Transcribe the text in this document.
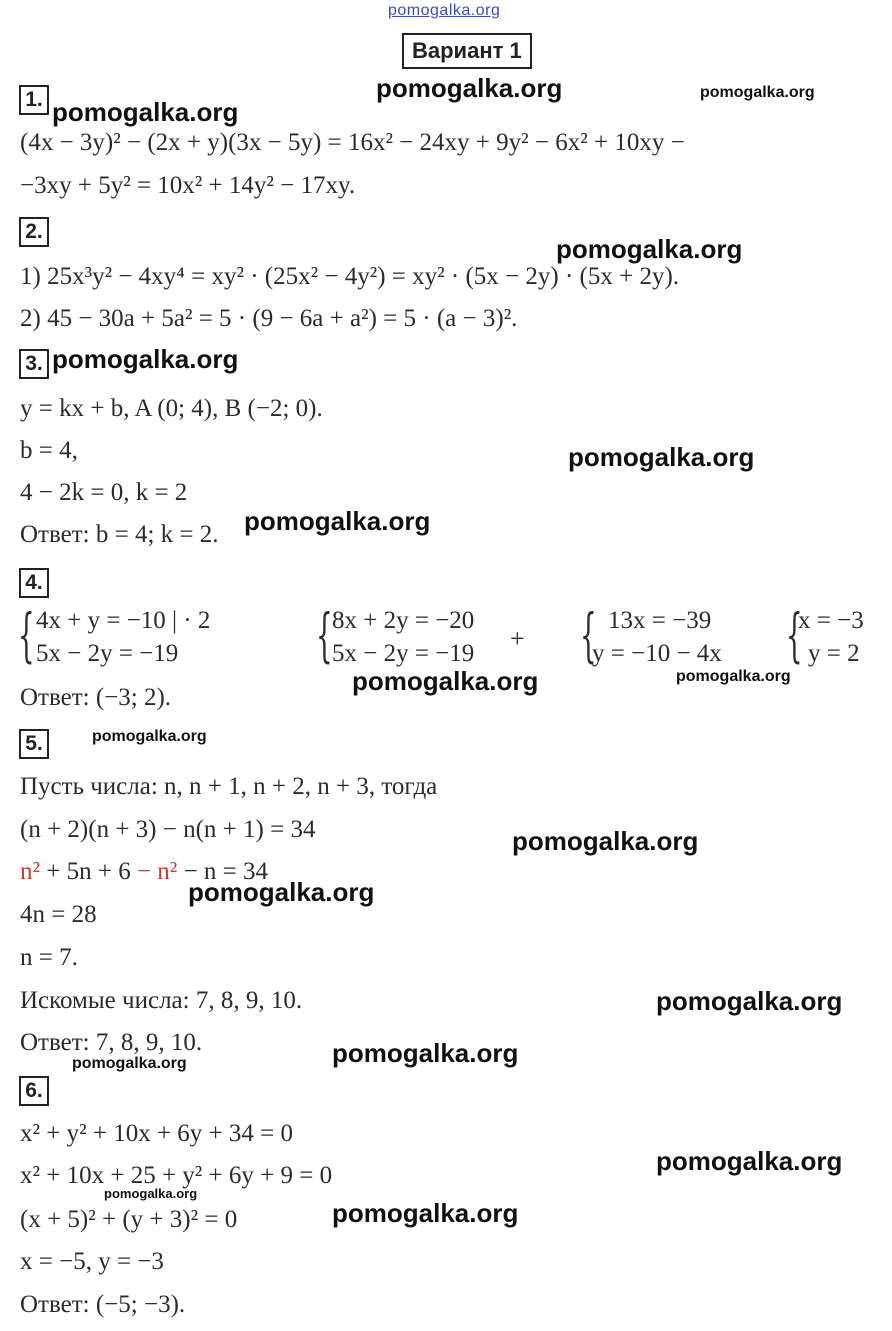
pomogalka.org
Вариант 1
1. pomogalka.org
pomogalka.org	pomogalka.org
(4x − 3y)² − (2x + y)(3x − 5y) = 16x² − 24xy + 9y² − 6x² + 10xy −
−3xy + 5y² = 10x² + 14y² − 17xy.
2.
pomogalka.org
1) 25x³y² − 4xy⁴ = xy² · (25x² − 4y²) = xy² · (5x − 2y) · (5x + 2y).
2) 45 − 30a + 5a² = 5 · (9 − 6a + a²) = 5 · (a − 3)².
3. pomogalka.org
y = kx + b, A (0; 4), B (−2; 0).
b = 4,	pomogalka.org
4 − 2k = 0, k = 2
Ответ: b = 4; k = 2. pomogalka.org
4.
{ 4x + y = −10 | · 2
5x − 2y = −19 { 8x + 2y = −20
5x − 2y = −19
+ { 13x = −39
y = −10 − 4x {
x = −3
y = 2
Ответ: (−3; 2).
pomogalka.org	pomogalka.org
5.	pomogalka.org
Пусть числа: n, n + 1, n + 2, n + 3, тогда
(n + 2)(n + 3) − n(n + 1) = 34	pomogalka.org
n² + 5n + 6 − n² − n = 34
pomogalka.org
4n = 28
n = 7.
Искомые числа: 7, 8, 9, 10.	pomogalka.org
Ответ: 7, 8, 9, 10.	pomogalka.org
pomogalka.org
6.
x² + y² + 10x + 6y + 34 = 0
pomogalka.org
x² + 10x + 25 + y² + 6y + 9 = 0
pomogalka.org
(x + 5)² + (y + 3)² = 0	pomogalka.org
x = −5, y = −3
Ответ: (−5; −3).
